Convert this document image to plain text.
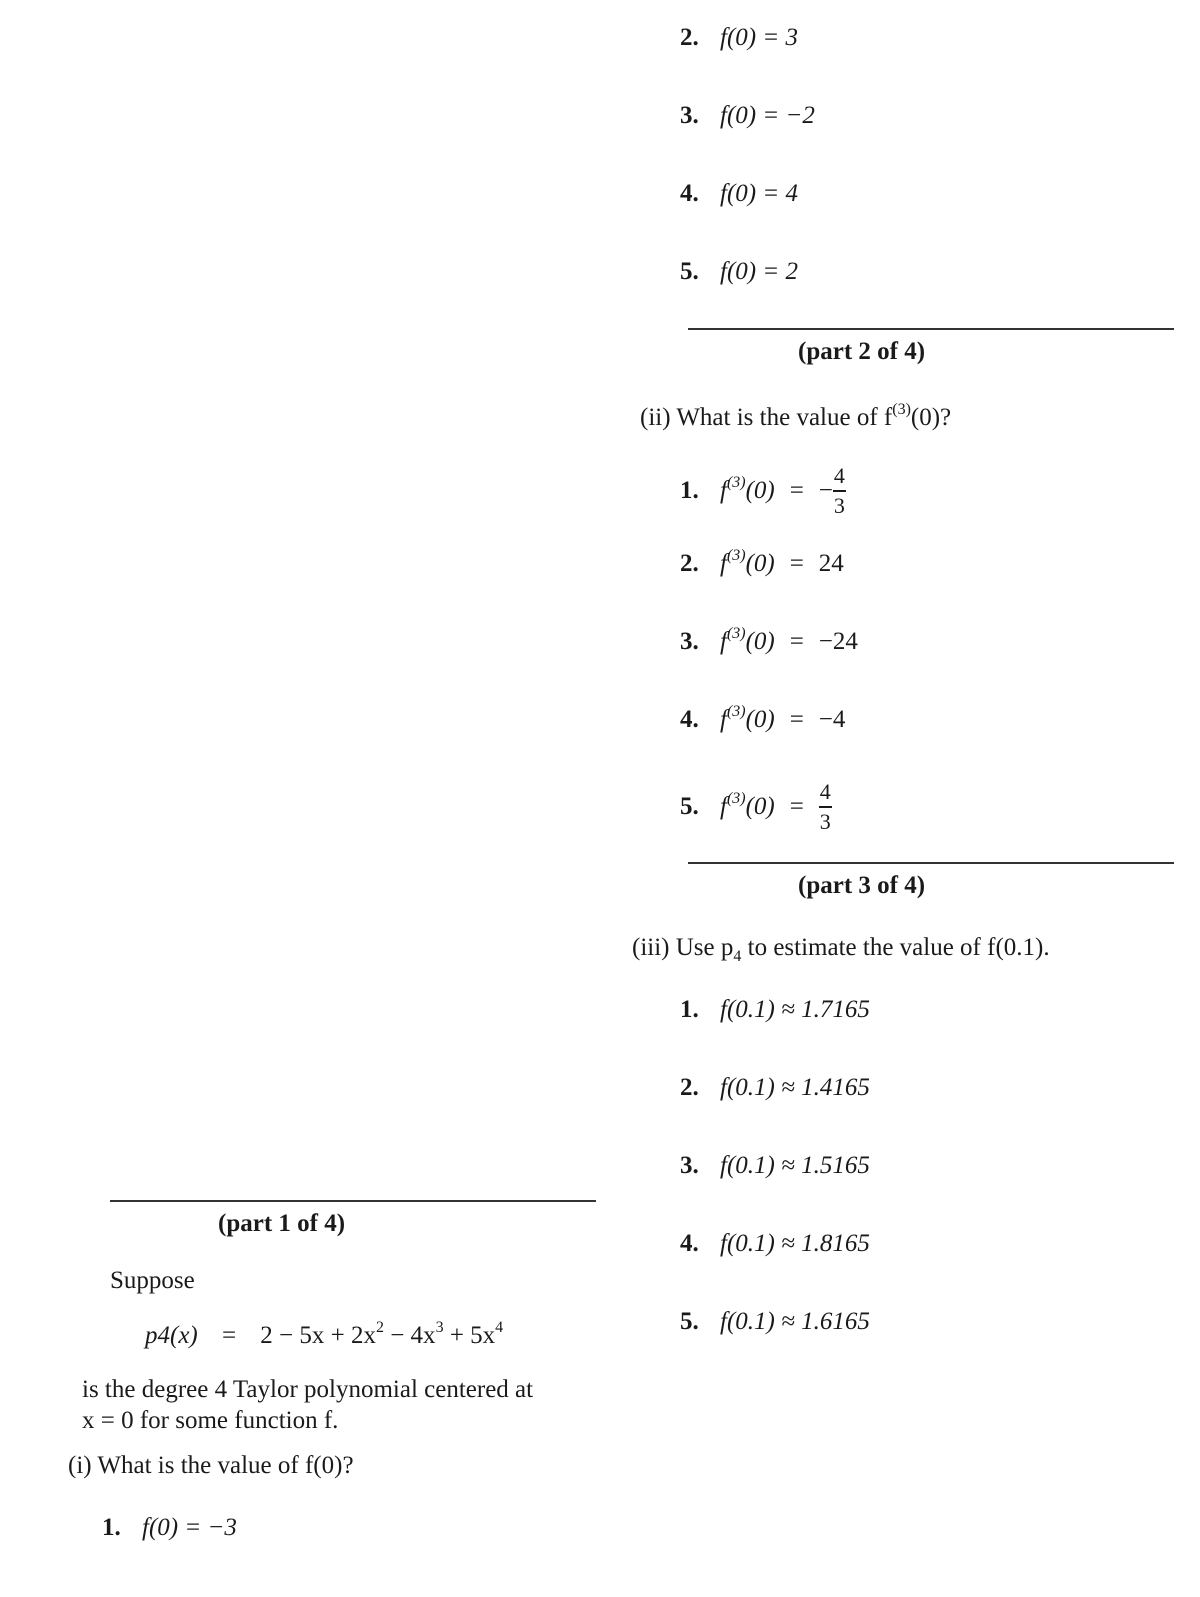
2. f(0) = 3
3. f(0) = −2
4. f(0) = 4
5. f(0) = 2
(part 2 of 4)
(ii) What is the value of $f^{(3)}(0)$?
1. $f^{(3)}(0)$ = − $\frac{4}{3}$
2. $f^{(3)}(0) = 24$
3. $f^{(3)}(0) = -24$
4. $f^{(3)}(0) = -4$
5. $f^{(3)}(0) = \frac{4}{3}$
(part 3 of 4)
(iii) Use $p_4$ to estimate the value of f(0.1).
1. f(0.1) ≈ 1.7165
2. f(0.1) ≈ 1.4165
3. f(0.1) ≈ 1.5165
4. f(0.1) ≈ 1.8165
5. f(0.1) ≈ 1.6165
(part 1 of 4)
Suppose
$p4(x) = 2 - 5x + 2x^2 - 4x^3 + 5x^4$
is the degree 4 Taylor polynomial centered at
x = 0 for some function f.
(i) What is the value of f(0)?
1. f(0) = −3
